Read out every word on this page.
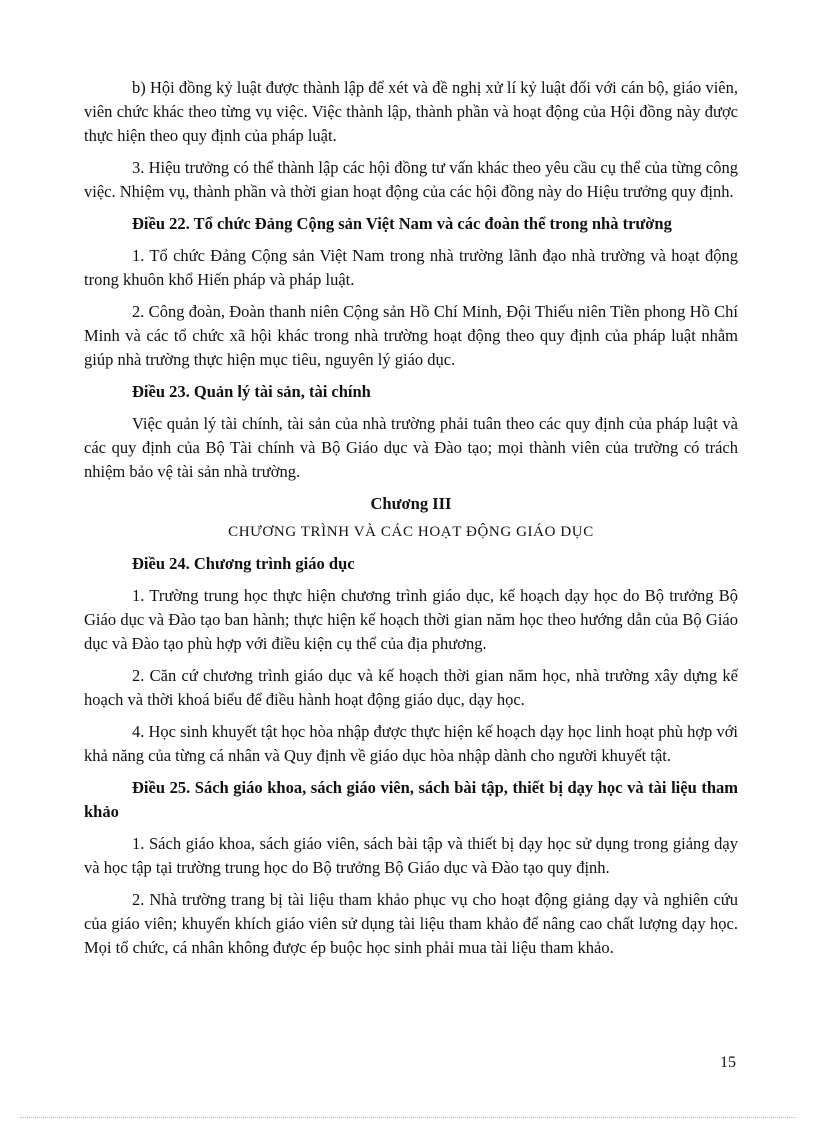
b) Hội đồng kỷ luật được thành lập để xét và đề nghị xử lí kỷ luật đối với cán bộ, giáo viên, viên chức khác theo từng vụ việc. Việc thành lập, thành phần và hoạt động của Hội đồng này được thực hiện theo quy định của pháp luật.

3. Hiệu trưởng có thể thành lập các hội đồng tư vấn khác theo yêu cầu cụ thể của từng công việc. Nhiệm vụ, thành phần và thời gian hoạt động của các hội đồng này do Hiệu trưởng quy định.

Điều 22. Tổ chức Đảng Cộng sản Việt Nam và các đoàn thể trong nhà trường

1. Tổ chức Đảng Cộng sản Việt Nam trong nhà trường lãnh đạo nhà trường và hoạt động trong khuôn khổ Hiến pháp và pháp luật.

2. Công đoàn, Đoàn thanh niên Cộng sản Hồ Chí Minh, Đội Thiếu niên Tiền phong Hồ Chí Minh và các tổ chức xã hội khác trong nhà trường hoạt động theo quy định của pháp luật nhằm giúp nhà trường thực hiện mục tiêu, nguyên lý giáo dục.

Điều 23. Quản lý tài sản, tài chính

Việc quản lý tài chính, tài sản của nhà trường phải tuân theo các quy định của pháp luật và các quy định của Bộ Tài chính và Bộ Giáo dục và Đào tạo; mọi thành viên của trường có trách nhiệm bảo vệ tài sản nhà trường.

Chương III

CHƯƠNG TRÌNH VÀ CÁC HOẠT ĐỘNG GIÁO DỤC

Điều 24. Chương trình giáo dục

1. Trường trung học thực hiện chương trình giáo dục, kế hoạch dạy học do Bộ trưởng Bộ Giáo dục và Đào tạo ban hành; thực hiện kế hoạch thời gian năm học theo hướng dẫn của Bộ Giáo dục và Đào tạo phù hợp với điều kiện cụ thể của địa phương.

2. Căn cứ chương trình giáo dục và kế hoạch thời gian năm học, nhà trường xây dựng kế hoạch và thời khoá biểu để điều hành hoạt động giáo dục, dạy học.

4. Học sinh khuyết tật học hòa nhập được thực hiện kế hoạch dạy học linh hoạt phù hợp với khả năng của từng cá nhân và Quy định về giáo dục hòa nhập dành cho người khuyết tật.

Điều 25. Sách giáo khoa, sách giáo viên, sách bài tập, thiết bị dạy học và tài liệu tham khảo

1. Sách giáo khoa, sách giáo viên, sách bài tập và thiết bị dạy học sử dụng trong giảng dạy và học tập tại trường trung học do Bộ trưởng Bộ Giáo dục và Đào tạo quy định.

2. Nhà trường trang bị tài liệu tham khảo phục vụ cho hoạt động giảng dạy và nghiên cứu của giáo viên; khuyến khích giáo viên sử dụng tài liệu tham khảo để nâng cao chất lượng dạy học. Mọi tổ chức, cá nhân không được ép buộc học sinh phải mua tài liệu tham khảo.

15
